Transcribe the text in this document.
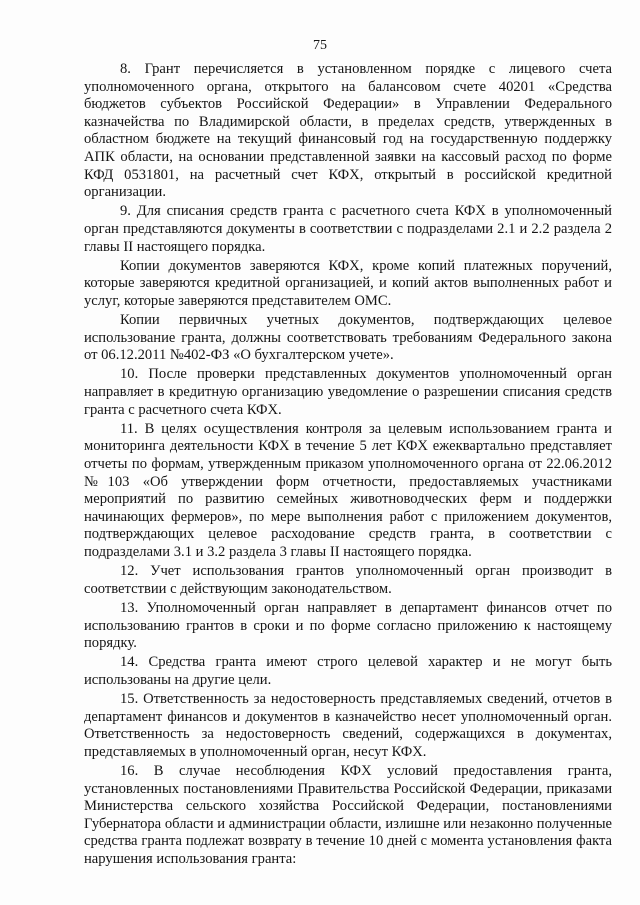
75

8. Грант перечисляется в установленном порядке с лицевого счета уполномоченного органа, открытого на балансовом счете 40201 «Средства бюджетов субъектов Российской Федерации» в Управлении Федерального казначейства по Владимирской области, в пределах средств, утвержденных в областном бюджете на текущий финансовый год на государственную поддержку АПК области, на основании представленной заявки на кассовый расход по форме КФД 0531801, на расчетный счет КФХ, открытый в российской кредитной организации.

9. Для списания средств гранта с расчетного счета КФХ в уполномоченный орган представляются документы в соответствии с подразделами 2.1 и 2.2 раздела 2 главы II настоящего порядка.

Копии документов заверяются КФХ, кроме копий платежных поручений, которые заверяются кредитной организацией, и копий актов выполненных работ и услуг, которые заверяются представителем ОМС.

Копии первичных учетных документов, подтверждающих целевое использование гранта, должны соответствовать требованиям Федерального закона от 06.12.2011 №402-ФЗ «О бухгалтерском учете».

10. После проверки представленных документов уполномоченный орган направляет в кредитную организацию уведомление о разрешении списания средств гранта с расчетного счета КФХ.

11. В целях осуществления контроля за целевым использованием гранта и мониторинга деятельности КФХ в течение 5 лет КФХ ежеквартально представляет отчеты по формам, утвержденным приказом уполномоченного органа от 22.06.2012 №103 «Об утверждении форм отчетности, предоставляемых участниками мероприятий по развитию семейных животноводческих ферм и поддержки начинающих фермеров», по мере выполнения работ с приложением документов, подтверждающих целевое расходование средств гранта, в соответствии с подразделами 3.1 и 3.2 раздела 3 главы II настоящего порядка.

12. Учет использования грантов уполномоченный орган производит в соответствии с действующим законодательством.

13. Уполномоченный орган направляет в департамент финансов отчет по использованию грантов в сроки и по форме согласно приложению к настоящему порядку.

14. Средства гранта имеют строго целевой характер и не могут быть использованы на другие цели.

15. Ответственность за недостоверность представляемых сведений, отчетов в департамент финансов и документов в казначейство несет уполномоченный орган. Ответственность за недостоверность сведений, содержащихся в документах, представляемых в уполномоченный орган, несут КФХ.

16. В случае несоблюдения КФХ условий предоставления гранта, установленных постановлениями Правительства Российской Федерации, приказами Министерства сельского хозяйства Российской Федерации, постановлениями Губернатора области и администрации области, излишне или незаконно полученные средства гранта подлежат возврату в течение 10 дней с момента установления факта нарушения использования гранта:
